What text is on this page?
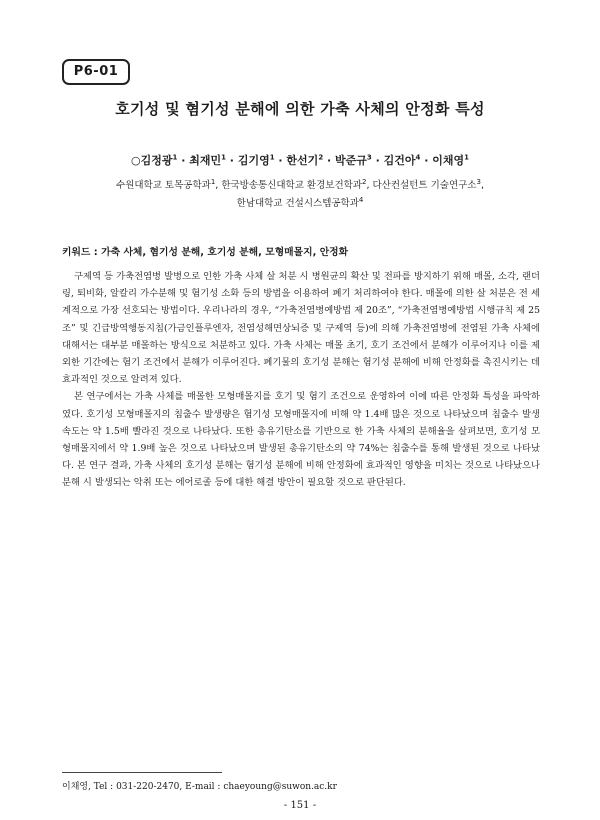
P6-01
호기성 및 혐기성 분해에 의한 가축 사체의 안정화 특성
○김정광$^1$ · 최재민$^1$ · 김기영$^1$ · 한선기$^2$ · 박준규$^3$ · 김건아$^4$ · 이채영$^1$
수원대학교 토목공학과$^1$, 한국방송통신대학교 환경보건학과$^2$, 다산컨설턴트 기술연구소$^3$,
한남대학교 건설시스템공학과$^4$
키워드 : 가축 사체, 혐기성 분해, 호기성 분해, 모형매몰지, 안정화

구제역 등 가축전염병 발병으로 인한 가축 사체 살 처분 시 병원균의 확산 및 전파를 방지하기 위해 매몰, 소각, 랜더링, 퇴비화, 알칼리 가수분해 및 혐기성 소화 등의 방법을 이용하여 폐기 처리하여야 한다. 매몰에 의한 살 처분은 전 세계적으로 가장 선호되는 방법이다. 우리나라의 경우, “가축전염병예방법 제 20조”, “가축전염병예방법 시행규칙 제 25조” 및 긴급방역행동지침(가금인플루엔자, 전염성해면상뇌증 및 구제역 등)에 의해 가축전염병에 전염된 가축 사체에 대해서는 대부분 매몰하는 방식으로 처분하고 있다. 가축 사체는 매몰 초기, 호기 조건에서 분해가 이루어지나 이를 제외한 기간에는 혐기 조건에서 분해가 이루어진다. 폐기물의 호기성 분해는 혐기성 분해에 비해 안정화를 촉진시키는 데 효과적인 것으로 알려져 있다.

본 연구에서는 가축 사체를 매몰한 모형매몰지를 호기 및 혐기 조건으로 운영하여 이에 따른 안정화 특성을 파악하였다. 호기성 모형매몰지의 침출수 발생량은 혐기성 모형매몰지에 비해 약 1.4배 많은 것으로 나타났으며 침출수 발생속도는 약 1.5배 빨라진 것으로 나타났다. 또한 총유기탄소를 기반으로 한 가축 사체의 분해율을 살펴보면, 호기성 모형매몰지에서 약 1.9배 높은 것으로 나타났으며 발생된 총유기탄소의 약 74%는 침출수를 통해 발생된 것으로 나타났다. 본 연구 결과, 가축 사체의 호기성 분해는 혐기성 분해에 비해 안정화에 효과적인 영향을 미치는 것으로 나타났으나 분해 시 발생되는 악취 또는 에어로졸 등에 대한 해결 방안이 필요할 것으로 판단된다.

이채영, Tel : 031-220-2470, E-mail : chaeyoung@suwon.ac.kr
- 151 -
